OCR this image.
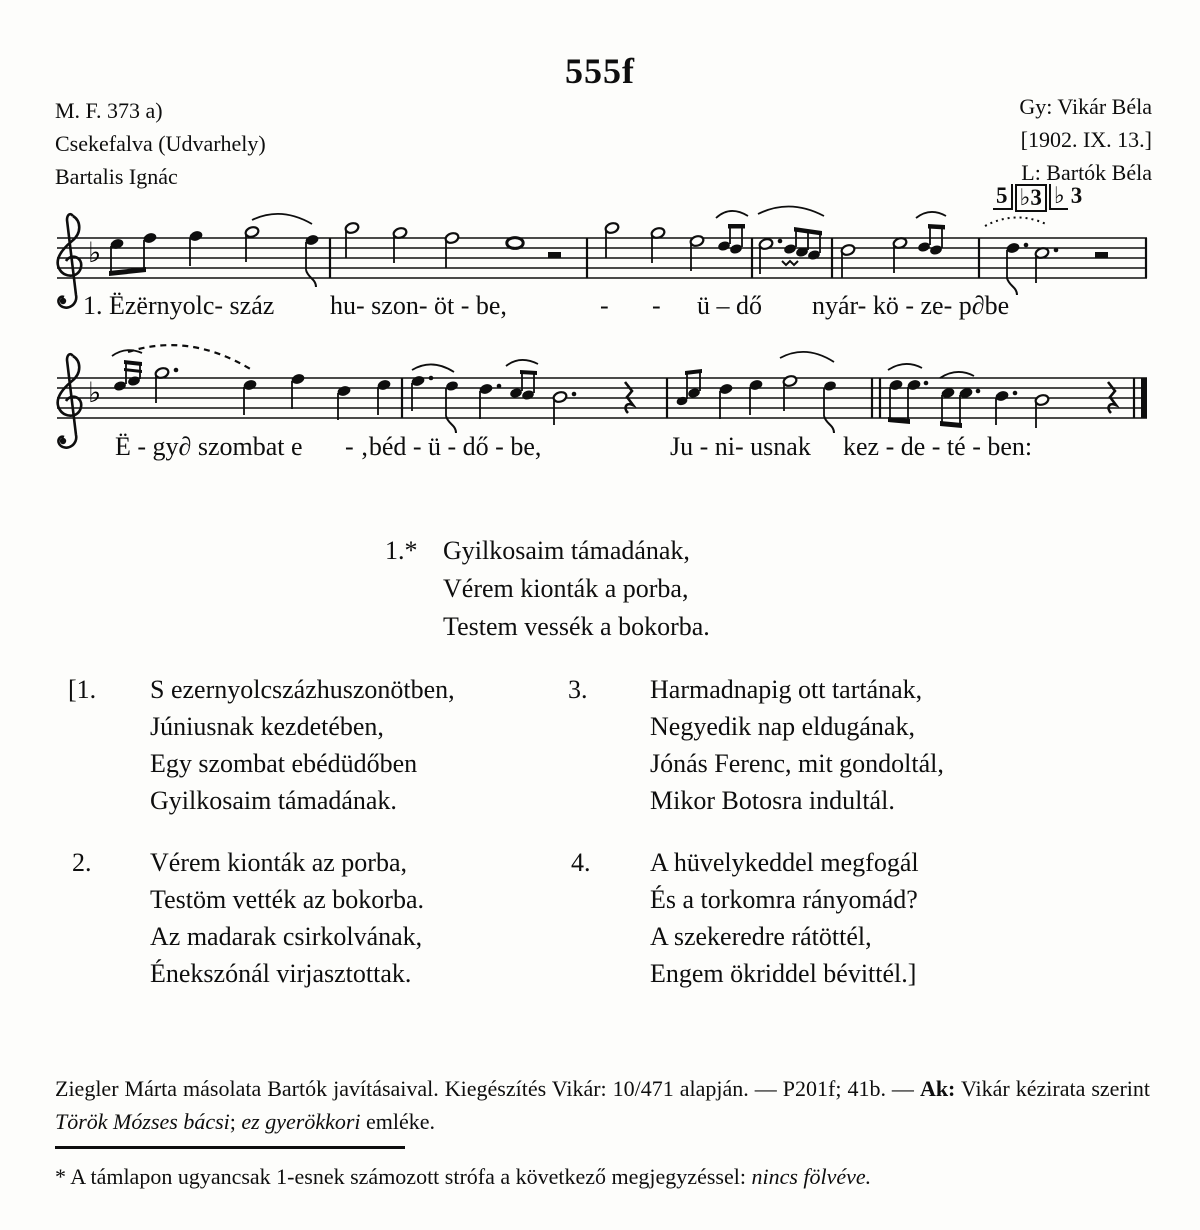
555f
M. F. 373 a)
Csekefalva (Udvarhely)
Bartalis Ignác
Gy: Vikár Béla
[1902. IX. 13.]
L: Bartók Béla
5 ♭3 ♭ 3
♭
1. Ëzërnyolc- száz hu- szon- öt - be,	- - ü – dő nyár- kö - ze- p∂be
♭
Ë - gy∂ szombat e - ‚béd - ü - dő - be,	Ju - ni- usnak kez - de - té - ben:
1.* Gyilkosaim támadának,
Vérem kionták a porba,
Testem vessék a bokorba.
[1. S ezernyolcszázhuszonötben,
Júniusnak kezdetében,
Egy szombat ebédüdőben
Gyilkosaim támadának.
2. Vérem kionták az porba,
Testöm vették az bokorba.
Az madarak csirkolvának,
Énekszónál virjasztottak.
3. Harmadnapig ott tartának,
Negyedik nap eldugának,
Jónás Ferenc, mit gondoltál,
Mikor Botosra indultál.
4. A hüvelykeddel megfogál
És a torkomra rányomád?
A szekeredre rátöttél,
Engem ökriddel bévittél.]
Ziegler Márta másolata Bartók javításaival. Kiegészítés Vikár: 10/471 alapján. — P201f; 41b. — Ak: Vikár kézirata szerint Török Mózses bácsi; ez gyerökkori emléke.
* A támlapon ugyancsak 1-esnek számozott strófa a következő megjegyzéssel: nincs fölvéve.
